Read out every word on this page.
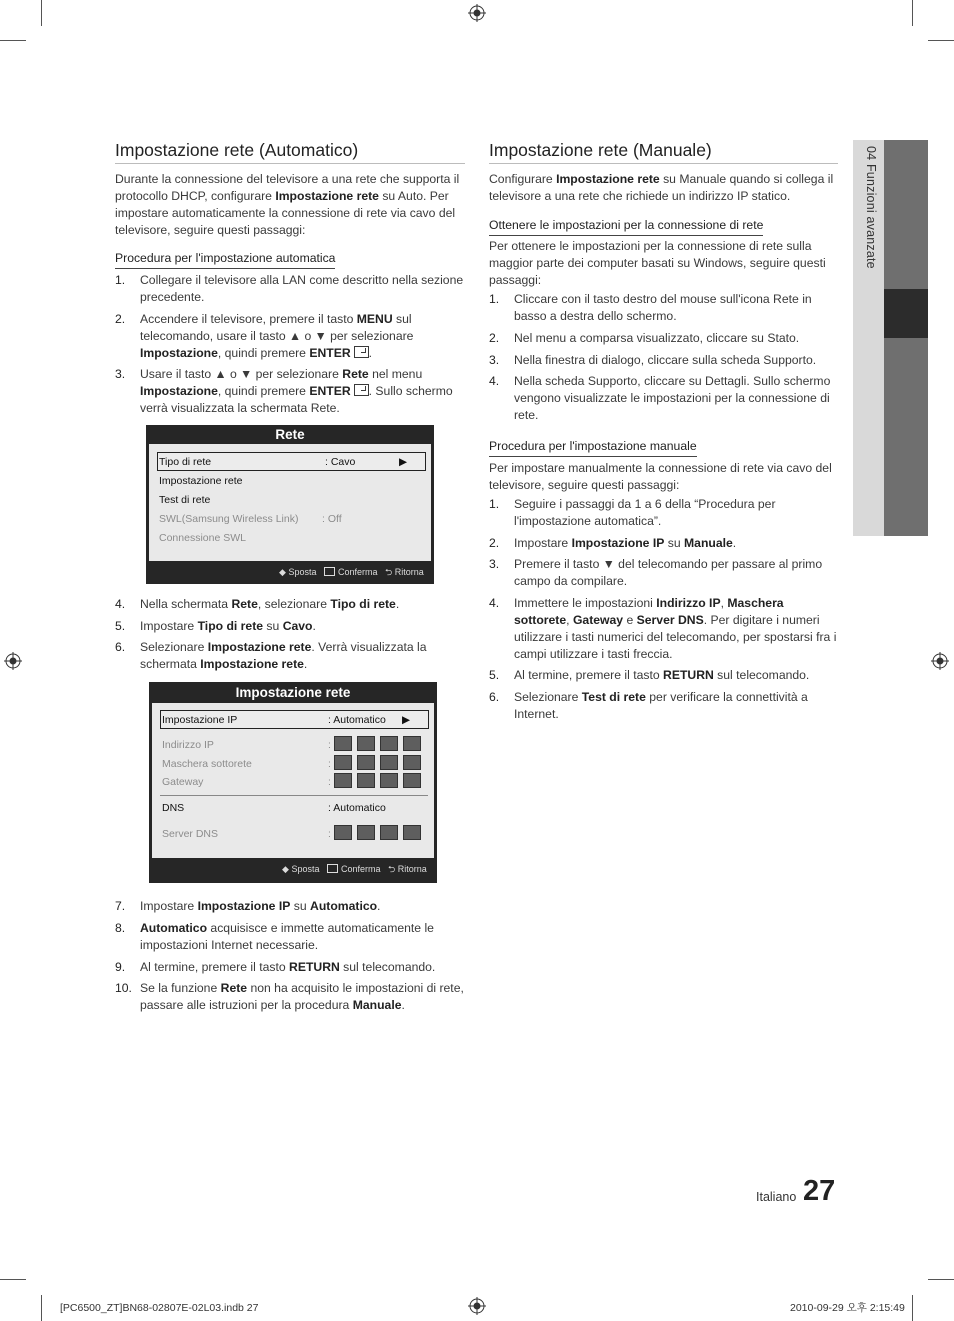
04 Funzioni avanzate
Impostazione rete (Automatico)
Durante la connessione del televisore a una rete che supporta il protocollo DHCP, configurare Impostazione rete su Auto. Per impostare automaticamente la connessione di rete via cavo del televisore, seguire questi passaggi:
Procedura per l'impostazione automatica
1. Collegare il televisore alla LAN come descritto nella sezione precedente.
2. Accendere il televisore, premere il tasto MENU sul telecomando, usare il tasto ▲ o ▼ per selezionare Impostazione, quindi premere ENTER .
3. Usare il tasto ▲ o ▼ per selezionare Rete nel menu Impostazione, quindi premere ENTER . Sullo schermo verrà visualizzata la schermata Rete.
Rete
Tipo di rete	: Cavo	▶
Impostazione rete
Test di rete
SWL(Samsung Wireless Link) : Off
Connessione SWL
◆ Sposta Conferma ⮌ Ritorna
4. Nella schermata Rete, selezionare Tipo di rete.
5. Impostare Tipo di rete su Cavo.
6. Selezionare Impostazione rete. Verrà visualizzata la schermata Impostazione rete.
Impostazione rete
Impostazione IP	: Automatico ▶
Indirizzo IP	:
Maschera sottorete	:
Gateway	:
DNS	: Automatico
Server DNS	:
◆ Sposta Conferma ⮌ Ritorna
7. Impostare Impostazione IP su Automatico.
8. Automatico acquisisce e immette automaticamente le impostazioni Internet necessarie.
9. Al termine, premere il tasto RETURN sul telecomando.
10. Se la funzione Rete non ha acquisito le impostazioni di rete, passare alle istruzioni per la procedura Manuale.
Impostazione rete (Manuale)
Configurare Impostazione rete su Manuale quando si collega il televisore a una rete che richiede un indirizzo IP statico.
Ottenere le impostazioni per la connessione di rete
Per ottenere le impostazioni per la connessione di rete sulla maggior parte dei computer basati su Windows, seguire questi passaggi:
1. Cliccare con il tasto destro del mouse sull'icona Rete in basso a destra dello schermo.
2. Nel menu a comparsa visualizzato, cliccare su Stato.
3. Nella finestra di dialogo, cliccare sulla scheda Supporto.
4. Nella scheda Supporto, cliccare su Dettagli. Sullo schermo vengono visualizzate le impostazioni per la connessione di rete.
Procedura per l'impostazione manuale
Per impostare manualmente la connessione di rete via cavo del televisore, seguire questi passaggi:
1. Seguire i passaggi da 1 a 6 della “Procedura per l'impostazione automatica”.
2. Impostare Impostazione IP su Manuale.
3. Premere il tasto ▼ del telecomando per passare al primo campo da compilare.
4. Immettere le impostazioni Indirizzo IP, Maschera sottorete, Gateway e Server DNS. Per digitare i numeri utilizzare i tasti numerici del telecomando, per spostarsi fra i campi utilizzare i tasti freccia.
5. Al termine, premere il tasto RETURN sul telecomando.
6. Selezionare Test di rete per verificare la connettività a Internet.
Italiano 27
[PC6500_ZT]BN68-02807E-02L03.indb 27	2010-09-29 오후 2:15:49
